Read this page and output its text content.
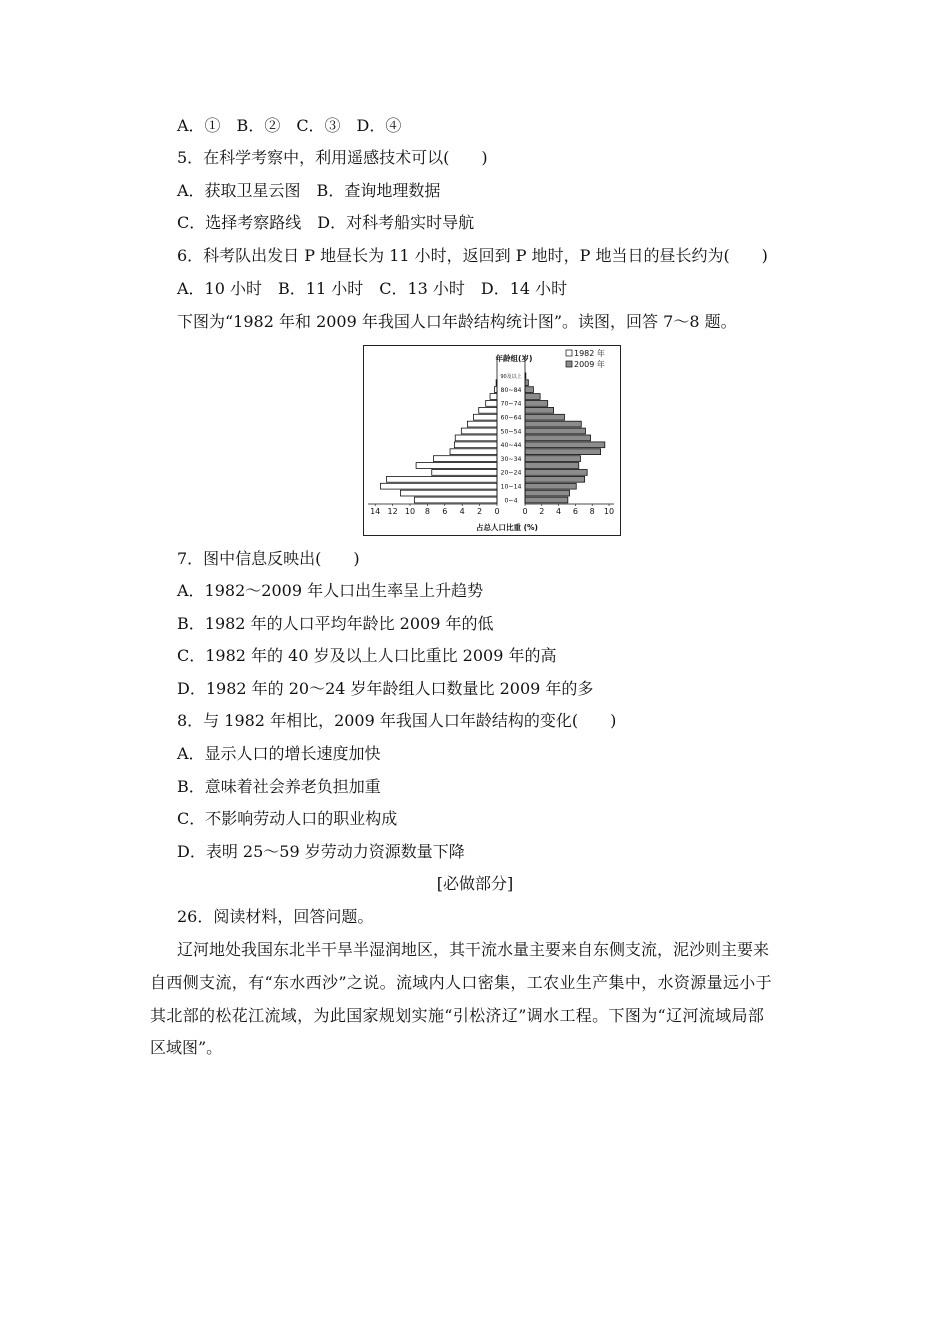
A．①　B．②　C．③　D．④
5．在科学考察中，利用遥感技术可以(　　)
A．获取卫星云图　B．查询地理数据
C．选择考察路线　D．对科考船实时导航
6．科考队出发日 P 地昼长为 11 小时，返回到 P 地时，P 地当日的昼长约为(　　)
A．10 小时　B．11 小时　C．13 小时　D．14 小时
下图为“1982 年和 2009 年我国人口年龄结构统计图”。读图，回答 7～8 题。
7．图中信息反映出(　　)
A．1982～2009 年人口出生率呈上升趋势
B．1982 年的人口平均年龄比 2009 年的低
C．1982 年的 40 岁及以上人口比重比 2009 年的高
D．1982 年的 20～24 岁年龄组人口数量比 2009 年的多
8．与 1982 年相比，2009 年我国人口年龄结构的变化(　　)
A．显示人口的增长速度加快
B．意味着社会养老负担加重
C．不影响劳动人口的职业构成
D．表明 25～59 岁劳动力资源数量下降
[必做部分]
26．阅读材料，回答问题。
辽河地处我国东北半干旱半湿润地区，其干流水量主要来自东侧支流，泥沙则主要来
自西侧支流，有“东水西沙”之说。流域内人口密集，工农业生产集中，水资源量远小于
其北部的松花江流域，为此国家规划实施“引松济辽”调水工程。下图为“辽河流域局部
区域图”。
0~4
10~14
20~24
30~34
40~44
50~54
60~64
70~74
80~84
90及以上
14 12 10 8 6 4 2 0	0 2 4 6 8 10
占总人口比重 (%)
年龄组(岁)
1982 年
2009 年
